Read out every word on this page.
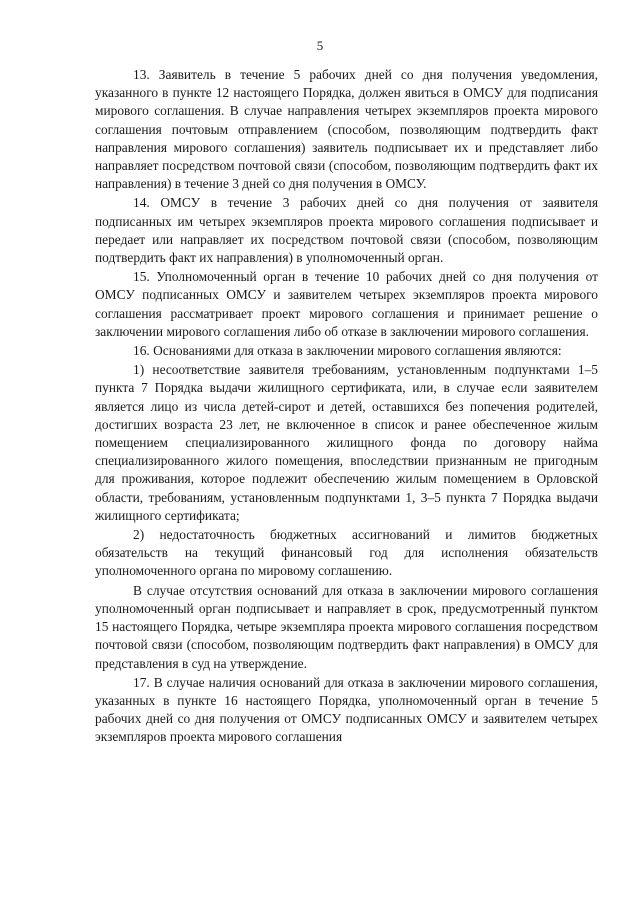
5

13. Заявитель в течение 5 рабочих дней со дня получения уведомления, указанного в пункте 12 настоящего Порядка, должен явиться в ОМСУ для подписания мирового соглашения. В случае направления четырех экземпляров проекта мирового соглашения почтовым отправлением (способом, позволяющим подтвердить факт направления мирового соглашения) заявитель подписывает их и представляет либо направляет посредством почтовой связи (способом, позволяющим подтвердить факт их направления) в течение 3 дней со дня получения в ОМСУ.

14. ОМСУ в течение 3 рабочих дней со дня получения от заявителя подписанных им четырех экземпляров проекта мирового соглашения подписывает и передает или направляет их посредством почтовой связи (способом, позволяющим подтвердить факт их направления) в уполномоченный орган.

15. Уполномоченный орган в течение 10 рабочих дней со дня получения от ОМСУ подписанных ОМСУ и заявителем четырех экземпляров проекта мирового соглашения рассматривает проект мирового соглашения и принимает решение о заключении мирового соглашения либо об отказе в заключении мирового соглашения.

16. Основаниями для отказа в заключении мирового соглашения являются:

1) несоответствие заявителя требованиям, установленным подпунктами 1–5 пункта 7 Порядка выдачи жилищного сертификата, или, в случае если заявителем является лицо из числа детей-сирот и детей, оставшихся без попечения родителей, достигших возраста 23 лет, не включенное в список и ранее обеспеченное жилым помещением специализированного жилищного фонда по договору найма специализированного жилого помещения, впоследствии признанным не пригодным для проживания, которое подлежит обеспечению жилым помещением в Орловской области, требованиям, установленным подпунктами 1, 3–5 пункта 7 Порядка выдачи жилищного сертификата;

2) недостаточность бюджетных ассигнований и лимитов бюджетных обязательств на текущий финансовый год для исполнения обязательств уполномоченного органа по мировому соглашению.

В случае отсутствия оснований для отказа в заключении мирового соглашения уполномоченный орган подписывает и направляет в срок, предусмотренный пунктом 15 настоящего Порядка, четыре экземпляра проекта мирового соглашения посредством почтовой связи (способом, позволяющим подтвердить факт направления) в ОМСУ для представления в суд на утверждение.

17. В случае наличия оснований для отказа в заключении мирового соглашения, указанных в пункте 16 настоящего Порядка, уполномоченный орган в течение 5 рабочих дней со дня получения от ОМСУ подписанных ОМСУ и заявителем четырех экземпляров проекта мирового соглашения
